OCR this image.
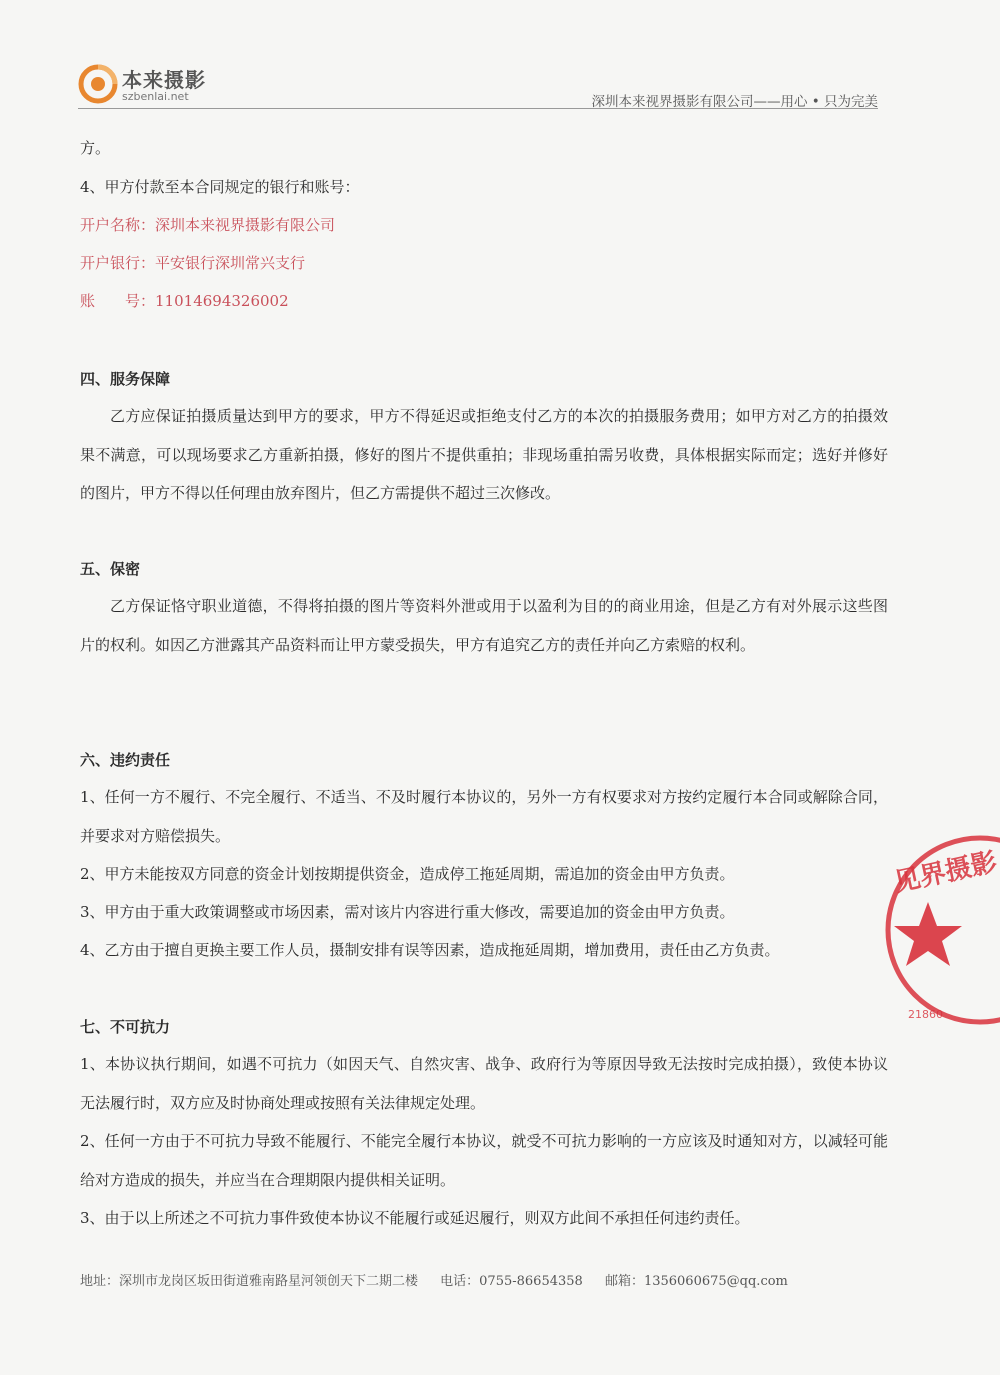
本来摄影
szbenlai.net	深圳本来视界摄影有限公司——用心 • 只为完美
方。
4、甲方付款至本合同规定的银行和账号：
开户名称：深圳本来视界摄影有限公司
开户银行：平安银行深圳常兴支行
账　　号：11014694326002
四、服务保障
乙方应保证拍摄质量达到甲方的要求，甲方不得延迟或拒绝支付乙方的本次的拍摄服务费用；如甲方对乙方的拍摄效果不满意，可以现场要求乙方重新拍摄，修好的图片不提供重拍；非现场重拍需另收费，具体根据实际而定；选好并修好的图片，甲方不得以任何理由放弃图片，但乙方需提供不超过三次修改。
五、保密
乙方保证恪守职业道德，不得将拍摄的图片等资料外泄或用于以盈利为目的的商业用途，但是乙方有对外展示这些图片的权利。如因乙方泄露其产品资料而让甲方蒙受损失，甲方有追究乙方的责任并向乙方索赔的权利。
六、违约责任
1、任何一方不履行、不完全履行、不适当、不及时履行本协议的，另外一方有权要求对方按约定履行本合同或解除合同，并要求对方赔偿损失。
2、甲方未能按双方同意的资金计划按期提供资金，造成停工拖延周期，需追加的资金由甲方负责。
3、甲方由于重大政策调整或市场因素，需对该片内容进行重大修改，需要追加的资金由甲方负责。
4、乙方由于擅自更换主要工作人员，摄制安排有误等因素，造成拖延周期，增加费用，责任由乙方负责。
七、不可抗力
1、本协议执行期间，如遇不可抗力（如因天气、自然灾害、战争、政府行为等原因导致无法按时完成拍摄），致使本协议无法履行时，双方应及时协商处理或按照有关法律规定处理。
2、任何一方由于不可抗力导致不能履行、不能完全履行本协议，就受不可抗力影响的一方应该及时通知对方，以减轻可能给对方造成的损失，并应当在合理期限内提供相关证明。
3、由于以上所述之不可抗力事件致使本协议不能履行或延迟履行，则双方此间不承担任何违约责任。
见界摄影
21860
地址：深圳市龙岗区坂田街道雅南路星河领创天下二期二楼 电话：0755-86654358 邮箱：1356060675@qq.com
